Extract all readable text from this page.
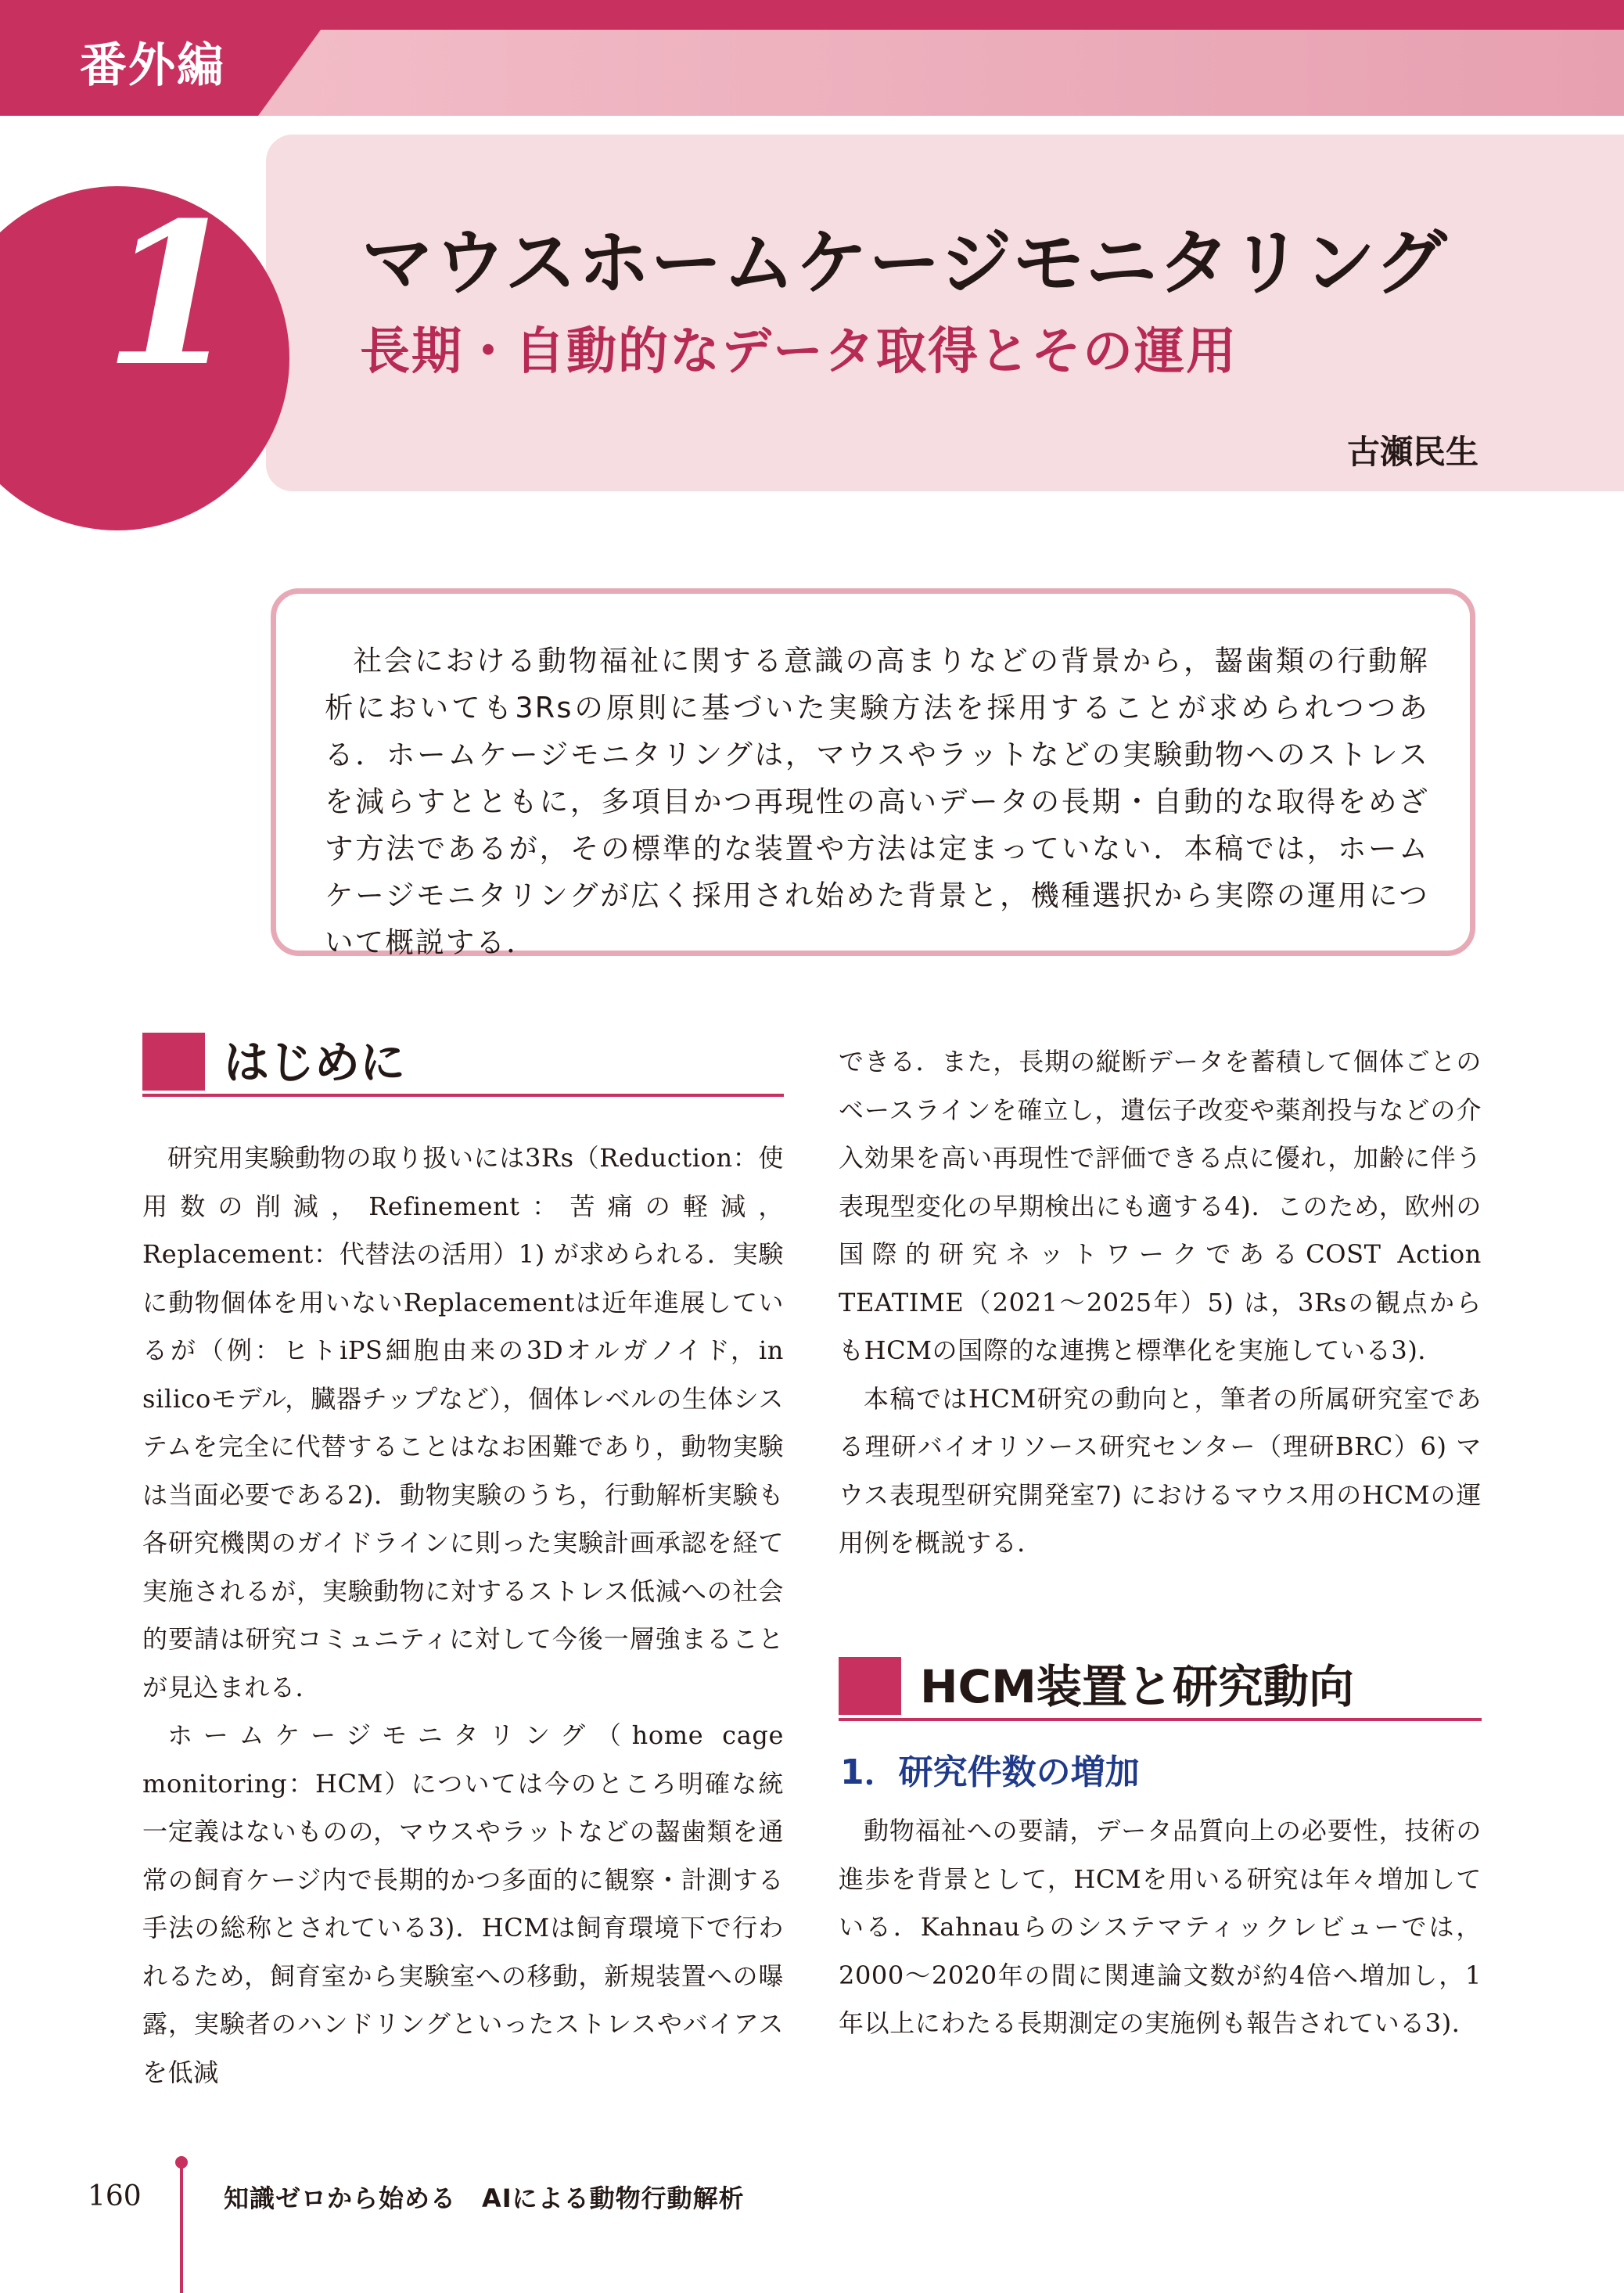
番外編
1 マウスホームケージモニタリング
長期・自動的なデータ取得とその運用
古瀬民生
社会における動物福祉に関する意識の高まりなどの背景から，齧歯類の行動解析においても3Rsの原則に基づいた実験方法を採用することが求められつつある．ホームケージモニタリングは，マウスやラットなどの実験動物へのストレスを減らすとともに，多項目かつ再現性の高いデータの長期・自動的な取得をめざす方法であるが，その標準的な装置や方法は定まっていない．本稿では，ホームケージモニタリングが広く採用され始めた背景と，機種選択から実際の運用について概説する．
はじめに

研究用実験動物の取り扱いには3Rs（Reduction：使用数の削減，Refinement：苦痛の軽減，Replacement：代替法の活用）1) が求められる．実験に動物個体を用いないReplacementは近年進展しているが（例：ヒトiPS細胞由来の3Dオルガノイド，in silicoモデル，臓器チップなど），個体レベルの生体システムを完全に代替することはなお困難であり，動物実験は当面必要である2)．動物実験のうち，行動解析実験も各研究機関のガイドラインに則った実験計画承認を経て実施されるが，実験動物に対するストレス低減への社会的要請は研究コミュニティに対して今後一層強まることが見込まれる．

ホームケージモニタリング（home cage monitoring：HCM）については今のところ明確な統一定義はないものの，マウスやラットなどの齧歯類を通常の飼育ケージ内で長期的かつ多面的に観察・計測する手法の総称とされている3)．HCMは飼育環境下で行われるため，飼育室から実験室への移動，新規装置への曝露，実験者のハンドリングといったストレスやバイアスを低減

できる．また，長期の縦断データを蓄積して個体ごとのベースラインを確立し，遺伝子改変や薬剤投与などの介入効果を高い再現性で評価できる点に優れ，加齢に伴う表現型変化の早期検出にも適する4)．このため，欧州の国際的研究ネットワークであるCOST Action TEATIME（2021～2025年）5) は，3Rsの観点からもHCMの国際的な連携と標準化を実施している3)．

本稿ではHCM研究の動向と，筆者の所属研究室である理研バイオリソース研究センター（理研BRC）6) マウス表現型研究開発室7) におけるマウス用のHCMの運用例を概説する．

HCM装置と研究動向
1．研究件数の増加

動物福祉への要請，データ品質向上の必要性，技術の進歩を背景として，HCMを用いる研究は年々増加している．Kahnauらのシステマティックレビューでは，2000～2020年の間に関連論文数が約4倍へ増加し，1年以上にわたる長期測定の実施例も報告されている3)．

160	知識ゼロから始める　AIによる動物行動解析
